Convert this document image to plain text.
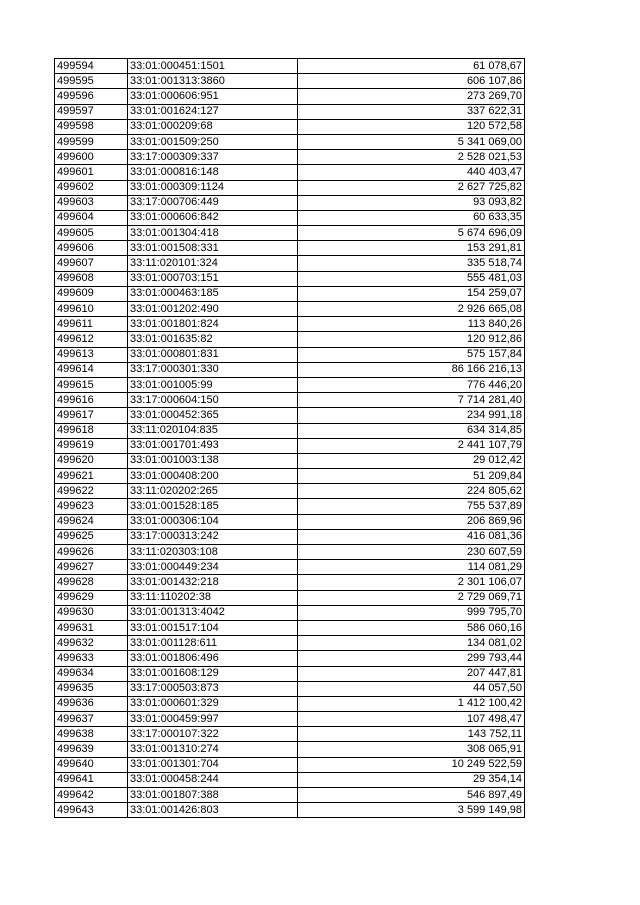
499594	33:01:000451:1501	61 078,67
499595	33:01:001313:3860	606 107,86
499596	33:01:000606:951	273 269,70
499597	33:01:001624:127	337 622,31
499598	33:01:000209:68	120 572,58
499599	33:01:001509:250	5 341 069,00
499600	33:17:000309:337	2 528 021,53
499601	33:01:000816:148	440 403,47
499602	33:01:000309:1124	2 627 725,82
499603	33:17:000706:449	93 093,82
499604	33:01:000606:842	60 633,35
499605	33:01:001304:418	5 674 696,09
499606	33:01:001508:331	153 291,81
499607	33:11:020101:324	335 518,74
499608	33:01:000703:151	555 481,03
499609	33:01:000463:185	154 259,07
499610	33:01:001202:490	2 926 665,08
499611	33:01:001801:824	113 840,26
499612	33:01:001635:82	120 912,86
499613	33:01:000801:831	575 157,84
499614	33:17:000301:330	86 166 216,13
499615	33:01:001005:99	776 446,20
499616	33:17:000604:150	7 714 281,40
499617	33:01:000452:365	234 991,18
499618	33:11:020104:835	634 314,85
499619	33:01:001701:493	2 441 107,79
499620	33:01:001003:138	29 012,42
499621	33:01:000408:200	51 209,84
499622	33:11:020202:265	224 805,62
499623	33:01:001528:185	755 537,89
499624	33:01:000306:104	206 869,96
499625	33:17:000313:242	416 081,36
499626	33:11:020303:108	230 607,59
499627	33:01:000449:234	114 081,29
499628	33:01:001432:218	2 301 106,07
499629	33:11:110202:38	2 729 069,71
499630	33:01:001313:4042	999 795,70
499631	33:01:001517:104	586 060,16
499632	33:01:001128:611	134 081,02
499633	33:01:001806:496	299 793,44
499634	33:01:001608:129	207 447,81
499635	33:17:000503:873	44 057,50
499636	33:01:000601:329	1 412 100,42
499637	33:01:000459:997	107 498,47
499638	33:17:000107:322	143 752,11
499639	33:01:001310:274	308 065,91
499640	33:01:001301:704	10 249 522,59
499641	33:01:000458:244	29 354,14
499642	33:01:001807:388	546 897,49
499643	33:01:001426:803	3 599 149,98
